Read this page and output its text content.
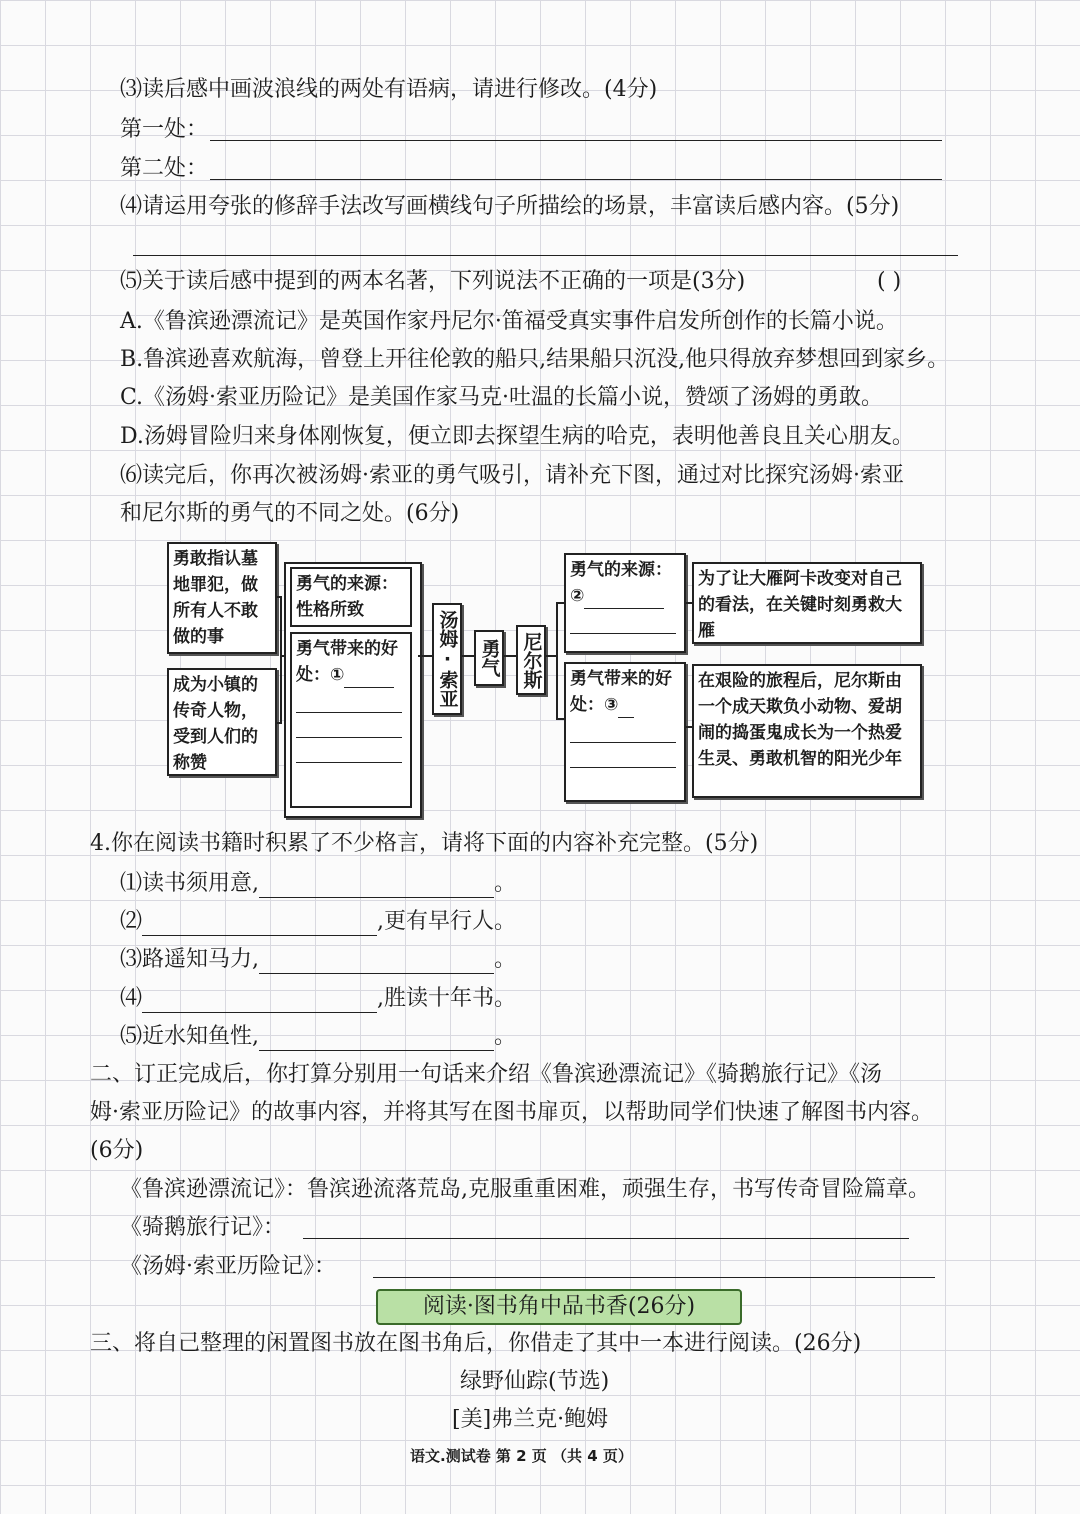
⑶读后感中画波浪线的两处有语病，请进行修改。(4分)
第一处：
第二处：
⑷请运用夸张的修辞手法改写画横线句子所描绘的场景，丰富读后感内容。(5分)
⑸关于读后感中提到的两本名著，下列说法不正确的一项是(3分)	( )
A.《鲁滨逊漂流记》是英国作家丹尼尔·笛福受真实事件启发所创作的长篇小说。
B.鲁滨逊喜欢航海，曾登上开往伦敦的船只,结果船只沉没,他只得放弃梦想回到家乡。
C.《汤姆·索亚历险记》是美国作家马克·吐温的长篇小说，赞颂了汤姆的勇敢。
D.汤姆冒险归来身体刚恢复，便立即去探望生病的哈克，表明他善良且关心朋友。
⑹读完后，你再次被汤姆·索亚的勇气吸引，请补充下图，通过对比探究汤姆·索亚
和尼尔斯的勇气的不同之处。(6分)
勇敢指认墓地罪犯，做所有人不敢做的事
成为小镇的传奇人物，受到人们的称赞
勇气的来源：性格所致
勇气带来的好处：①	汤姆·索亚 勇气 尼尔斯
勇气的来源：②
勇气带来的好处：③
为了让大雁阿卡改变对自己的看法，在关键时刻勇救大雁
在艰险的旅程后，尼尔斯由一个成天欺负小动物、爱胡闹的捣蛋鬼成长为一个热爱生灵、勇敢机智的阳光少年
4.你在阅读书籍时积累了不少格言，请将下面的内容补充完整。(5分)
⑴读书须用意,	。
⑵	,更有早行人。
⑶路遥知马力,	。
⑷	,胜读十年书。
⑸近水知鱼性,	。
二、订正完成后，你打算分别用一句话来介绍《鲁滨逊漂流记》《骑鹅旅行记》《汤
姆·索亚历险记》的故事内容，并将其写在图书扉页，以帮助同学们快速了解图书内容。
(6分)
《鲁滨逊漂流记》：鲁滨逊流落荒岛,克服重重困难，顽强生存，书写传奇冒险篇章。
《骑鹅旅行记》：
《汤姆·索亚历险记》：
阅读·图书角中品书香(26分)
三、将自己整理的闲置图书放在图书角后，你借走了其中一本进行阅读。(26分)
绿野仙踪(节选)
[美]弗兰克·鲍姆
语文.测试卷 第 2 页 （共 4 页）
